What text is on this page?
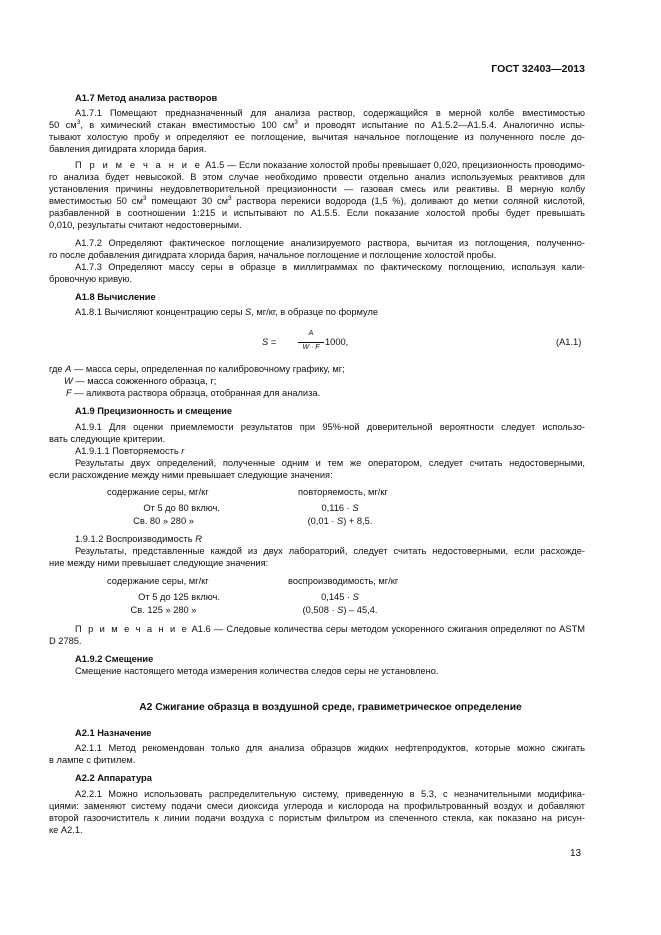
ГОСТ 32403—2013
А1.7 Метод анализа растворов
А1.7.1 Помещают предназначенный для анализа раствор, содержащийся в мерной колбе вместимостью
50 $см^3$, в химический стакан вместимостью 100 $см^3$ и проводят испытание по А1.5.2—А1.5.4. Аналогично испы-
тывают холостую пробу и определяют ее поглощение, вычитая начальное поглощение из полученного после до-
бавления дигидрата хлорида бария.
П р и м е ч а н и е А1.5 — Если показание холостой пробы превышает 0,020, прецизионность проводимо-
го анализа будет невысокой. В этом случае необходимо провести отдельно анализ используемых реактивов для
установления причины неудовлетворительной прецизионности — газовая смесь или реактивы. В мерную колбу
вместимостью 50 $см^3$ помещают 30 $см^3$ раствора перекиси водорода (1,5 %), доливают до метки соляной кислотой,
разбавленной в соотношении 1:215 и испытывают по А1.5.5. Если показание холостой пробы будет превышать
0,010, результаты считают недостоверными.
А1.7.2 Определяют фактическое поглощение анализируемого раствора, вычитая из поглощения, полученно-
го после добавления дигидрата хлорида бария, начальное поглощение и поглощение холостой пробы.
А1.7.3 Определяют массу серы в образце в миллиграммах по фактическому поглощению, используя кали-
бровочную кривую.
А1.8 Вычисление
А1.8.1 Вычисляют концентрацию серы S, мг/кг, в образце по формуле
S =
A
W · F
1000,	(А1.1)
где A — масса серы, определенная по калибровочному графику, мг;
W — масса сожженного образца, г;
F — аликвота раствора образца, отобранная для анализа.
А1.9 Прецизионность и смещение
А1.9.1 Для оценки приемлемости результатов при 95%-ной доверительной вероятности следует использо-
вать следующие критерии.
А1.9.1.1 Повторяемость r
Результаты двух определений, полученные одним и тем же оператором, следует считать недостоверными,
если расхождение между ними превышает следующие значения:
содержание серы, мг/кг	повторяемость, мг/кг
От 5 до 80 включ.	0,116 · S
Св. 80 » 280 »	(0,01 · S) + 8,5.
1.9.1.2 Воспроизводимость R
Результаты, представленные каждой из двух лабораторий, следует считать недостоверными, если расхожде-
ние между ними превышает следующие значения:
содержание серы, мг/кг	воспроизводимость, мг/кг
От 5 до 125 включ.	0,145 · S
Св. 125 » 280 »	(0,508 · S) – 45,4.
П р и м е ч а н и е А1.6 — Следовые количества серы методом ускоренного сжигания определяют по ASTM
D 2785.
А1.9.2 Смещение
Смещение настоящего метода измерения количества следов серы не установлено.
А2 Сжигание образца в воздушной среде, гравиметрическое определение
А2.1 Назначение
А2.1.1 Метод рекомендован только для анализа образцов жидких нефтепродуктов, которые можно сжигать
в лампе с фитилем.
А2.2 Аппаратура
А2.2.1 Можно использовать распределительную систему, приведенную в 5.3, с незначительными модифика-
циями: заменяют систему подачи смеси диоксида углерода и кислорода на профильтрованный воздух и добавляют
второй газоочиститель к линии подачи воздуха с пористым фильтром из спеченного стекла, как показано на рисун-
ке А2.1.
13
